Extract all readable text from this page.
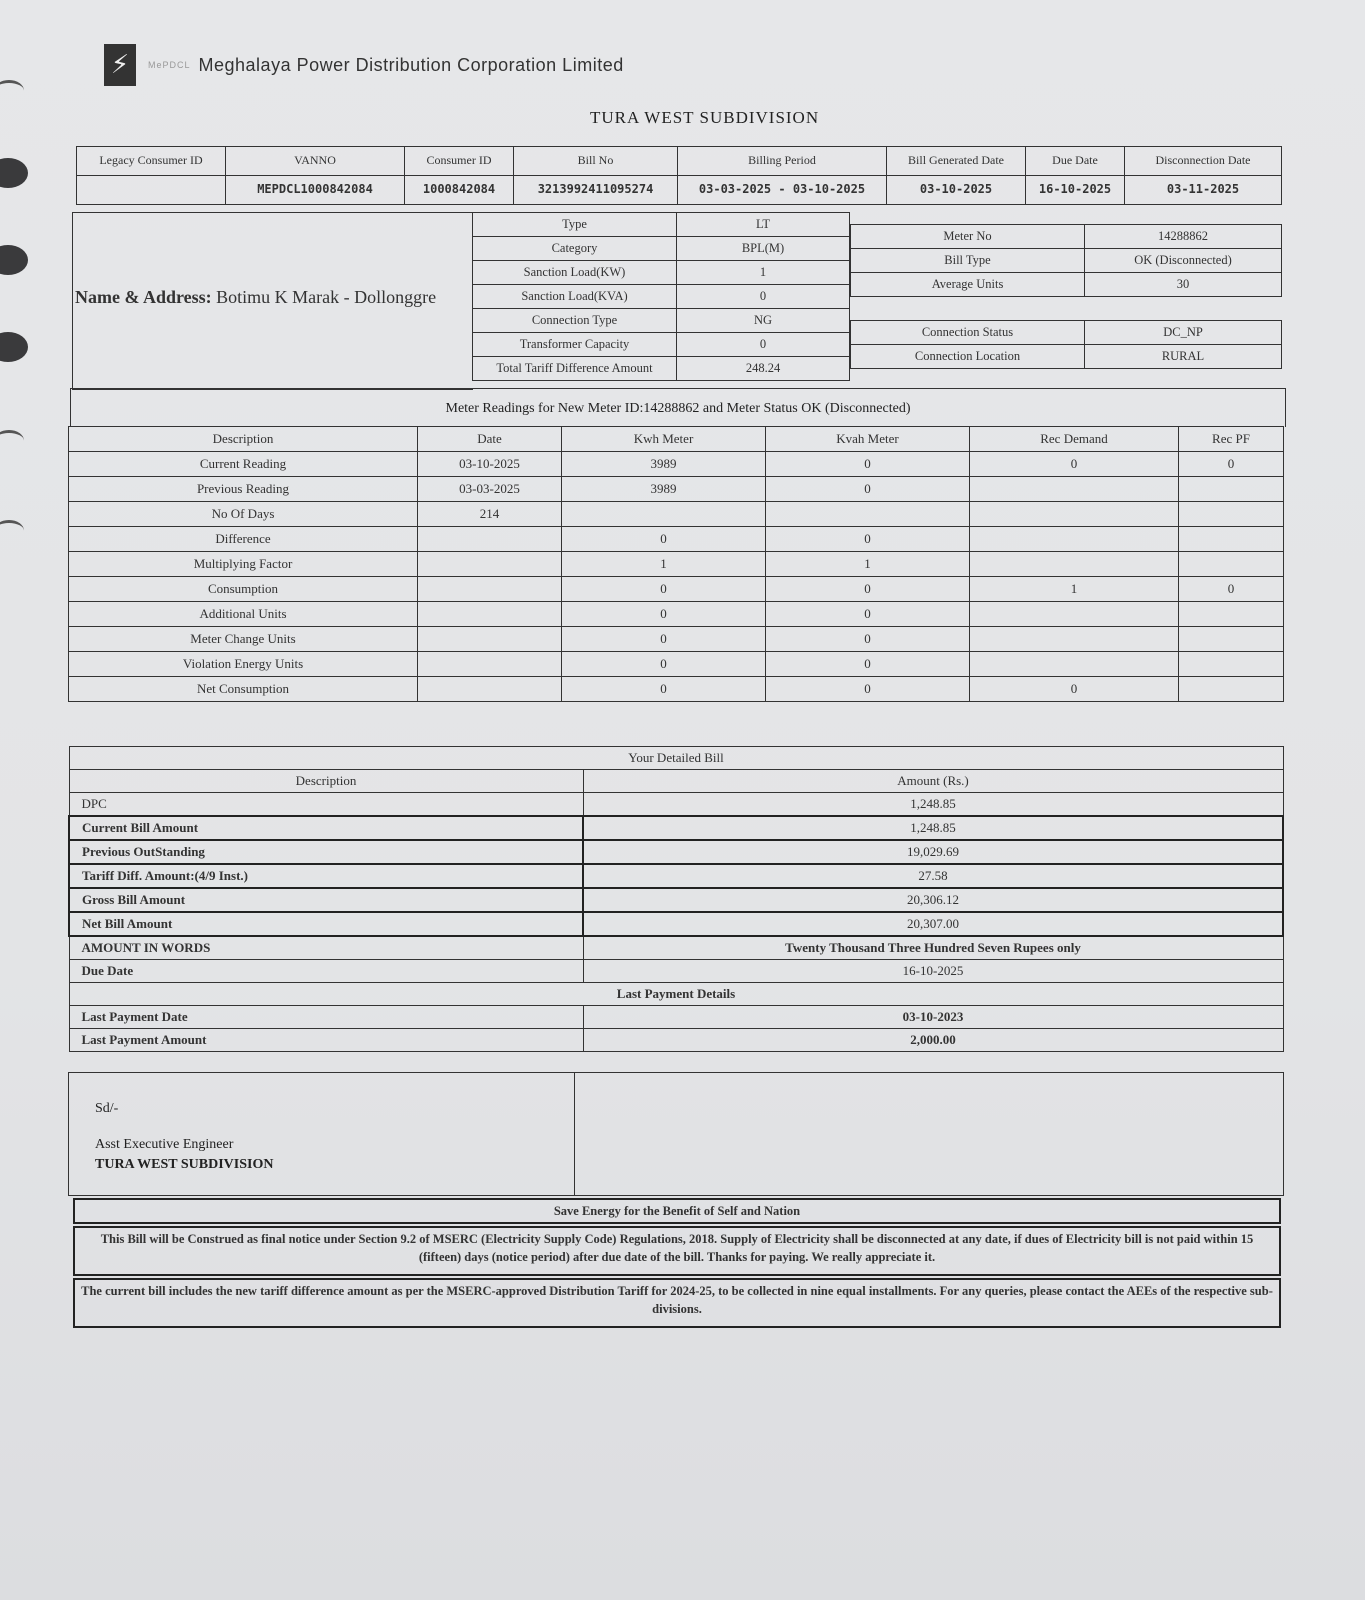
⚡	MePDCL Meghalaya Power Distribution Corporation Limited
TURA WEST SUBDIVISION
Legacy Consumer ID	VANNO	Consumer ID	Bill No	Billing Period	Bill Generated Date	Due Date	Disconnection Date
	MEPDCL1000842084	1000842084	3213992411095274	03-03-2025 - 03-10-2025	03-10-2025	16-10-2025	03-11-2025
Name & Address: Botimu K Marak - Dollonggre
Type	LT
Category	BPL(M)
Sanction Load(KW)	1
Sanction Load(KVA)	0
Connection Type	NG
Transformer Capacity	0
Total Tariff Difference Amount	248.24
Meter No	14288862
Bill Type	OK (Disconnected)
Average Units	30

Connection Status	DC_NP
Connection Location	RURAL
Meter Readings for New Meter ID:14288862 and Meter Status OK (Disconnected)
Description	Date	Kwh Meter	Kvah Meter	Rec Demand	Rec PF
Current Reading	03-10-2025	3989	0	0	0
Previous Reading	03-03-2025	3989	0		
No Of Days	214				
Difference		0	0		
Multiplying Factor		1	1		
Consumption		0	0	1	0
Additional Units		0	0		
Meter Change Units		0	0		
Violation Energy Units		0	0		
Net Consumption		0	0	0	
Your Detailed Bill	
Description	Amount (Rs.)
DPC	1,248.85
Current Bill Amount	1,248.85
Previous OutStanding	19,029.69
Tariff Diff. Amount:(4/9 Inst.)	27.58
Gross Bill Amount	20,306.12
Net Bill Amount	20,307.00
AMOUNT IN WORDS	Twenty Thousand Three Hundred Seven Rupees only
Due Date	16-10-2025
Last Payment Details	
Last Payment Date	03-10-2023
Last Payment Amount	2,000.00
Sd/-
Asst Executive Engineer
TURA WEST SUBDIVISION
Save Energy for the Benefit of Self and Nation
This Bill will be Construed as final notice under Section 9.2 of MSERC (Electricity Supply Code) Regulations, 2018. Supply of Electricity shall be disconnected at any date, if dues of Electricity bill is not paid within 15 (fifteen) days (notice period) after due date of the bill. Thanks for paying. We really appreciate it.
The current bill includes the new tariff difference amount as per the MSERC-approved Distribution Tariff for 2024-25, to be collected in nine equal installments. For any queries, please contact the AEEs of the respective sub-divisions.
